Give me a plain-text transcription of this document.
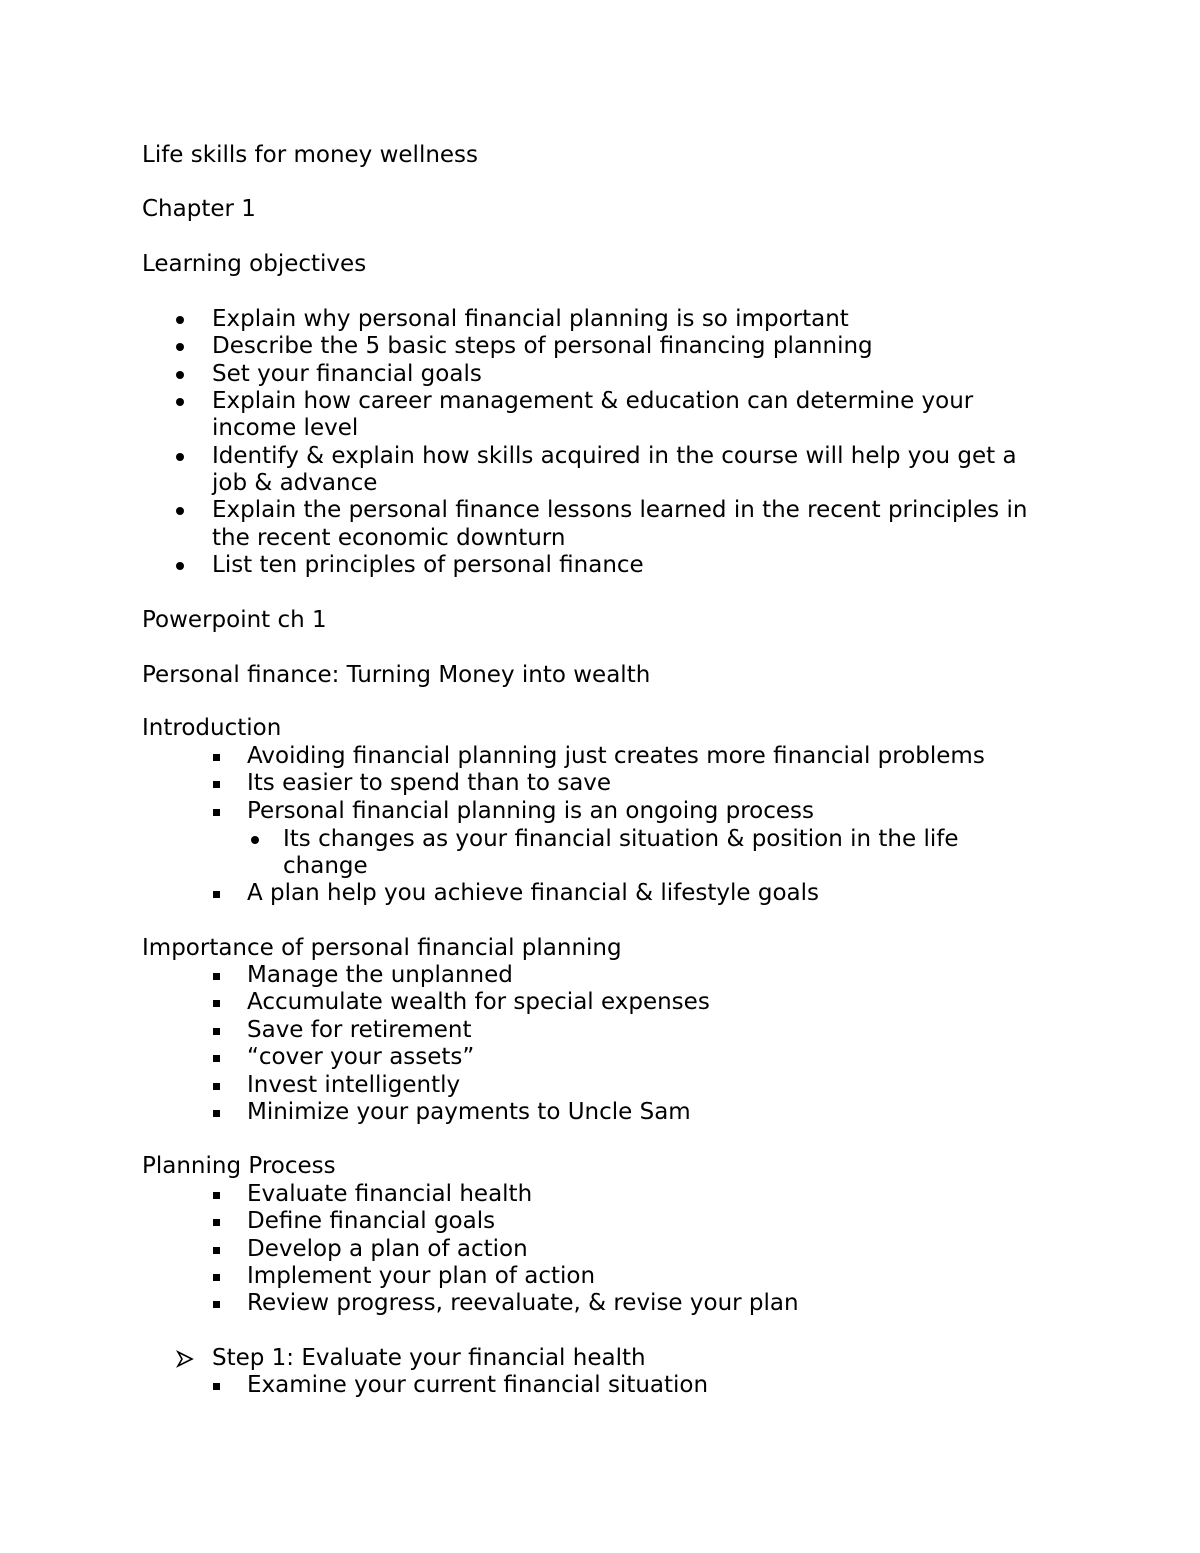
Life skills for money wellness
Chapter 1
Learning objectives
Explain why personal financial planning is so important
Describe the 5 basic steps of personal financing planning
Set your financial goals
Explain how career management & education can determine your
income level
Identify & explain how skills acquired in the course will help you get a
job & advance
Explain the personal finance lessons learned in the recent principles in
the recent economic downturn
List ten principles of personal finance
Powerpoint ch 1
Personal finance: Turning Money into wealth
Introduction
Avoiding financial planning just creates more financial problems
Its easier to spend than to save
Personal financial planning is an ongoing process
Its changes as your financial situation & position in the life
change
A plan help you achieve financial & lifestyle goals
Importance of personal financial planning
Manage the unplanned
Accumulate wealth for special expenses
Save for retirement
“cover your assets”
Invest intelligently
Minimize your payments to Uncle Sam
Planning Process
Evaluate financial health
Define financial goals
Develop a plan of action
Implement your plan of action
Review progress, reevaluate, & revise your plan
Step 1: Evaluate your financial health
Examine your current financial situation
